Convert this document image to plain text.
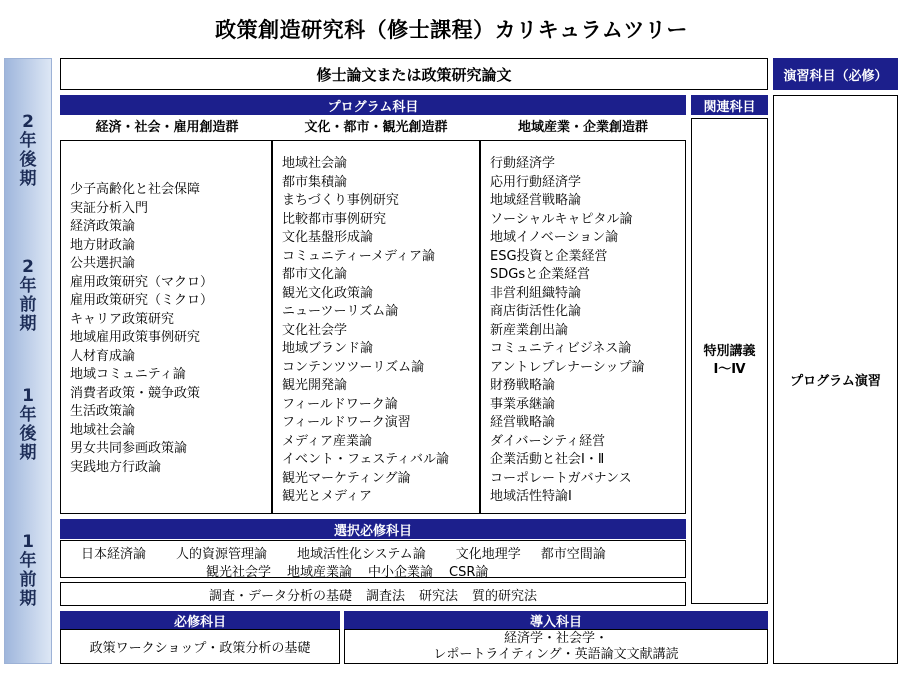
政策創造研究科（修士課程）カリキュラムツリー
2
年
後
期
2
年
前
期
1
年
後
期
1
年
前
期
修士論文または政策研究論文	演習科目（必修）
プログラム演習
プログラム科目	関連科目
特別講義
Ⅰ～Ⅳ
経済・社会・雇用創造群	文化・都市・観光創造群	地域産業・企業創造群
少子高齢化と社会保障
実証分析入門
経済政策論
地方財政論
公共選択論
雇用政策研究（マクロ）
雇用政策研究（ミクロ）
キャリア政策研究
地域雇用政策事例研究
人材育成論
地域コミュニティ論
消費者政策・競争政策
生活政策論
地域社会論
男女共同参画政策論
実践地方行政論
地域社会論
都市集積論
まちづくり事例研究
比較都市事例研究
文化基盤形成論
コミュニティーメディア論
都市文化論
観光文化政策論
ニューツーリズム論
文化社会学
地域ブランド論
コンテンツツーリズム論
観光開発論
フィールドワーク論
フィールドワーク演習
メディア産業論
イベント・フェスティバル論
観光マーケティング論
観光とメディア
行動経済学
応用行動経済学
地域経営戦略論
ソーシャルキャピタル論
地域イノベーション論
ESG投資と企業経営
SDGsと企業経営
非営利組織特論
商店街活性化論
新産業創出論
コミュニティビジネス論
アントレプレナーシップ論
財務戦略論
事業承継論
経営戦略論
ダイバーシティ経営
企業活動と社会Ⅰ・Ⅱ
コーポレートガバナンス
地域活性特論Ⅰ
選択必修科目
日本経済論 人的資源管理論 地域活性化システム論 文化地理学 都市空間論
観光社会学 地域産業論 中小企業論 CSR論
調査・データ分析の基礎 調査法 研究法 質的研究法
必修科目
政策ワークショップ・政策分析の基礎
導入科目
経済学・社会学・
レポートライティング・英語論文文献講読
